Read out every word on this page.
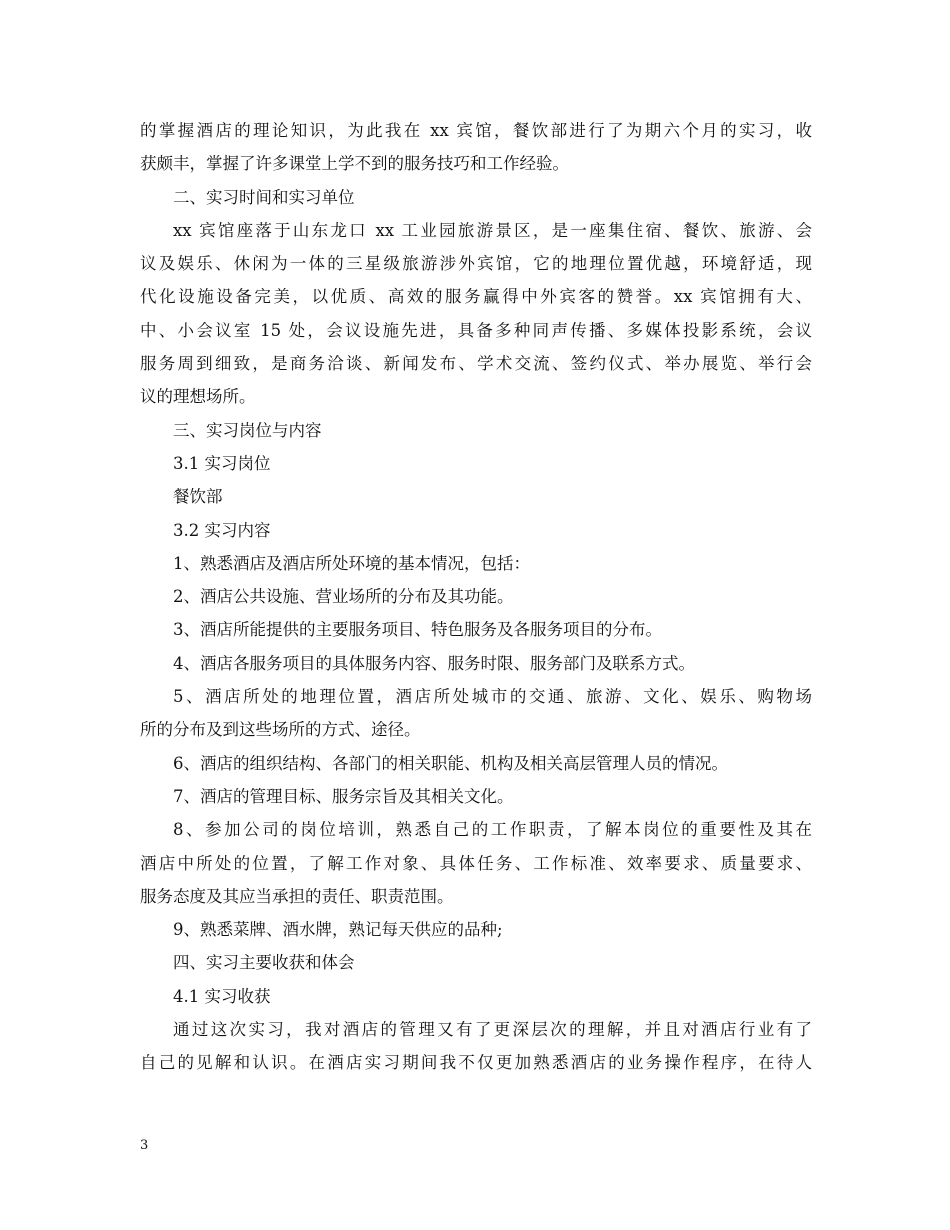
的掌握酒店的理论知识，为此我在 xx 宾馆，餐饮部进行了为期六个月的实习，收

获颇丰，掌握了许多课堂上学不到的服务技巧和工作经验。

二、实习时间和实习单位

xx 宾馆座落于山东龙口 xx 工业园旅游景区，是一座集住宿、餐饮、旅游、会

议及娱乐、休闲为一体的三星级旅游涉外宾馆，它的地理位置优越，环境舒适，现

代化设施设备完美，以优质、高效的服务赢得中外宾客的赞誉。xx 宾馆拥有大、

中、小会议室 15 处，会议设施先进，具备多种同声传播、多媒体投影系统，会议

服务周到细致，是商务洽谈、新闻发布、学术交流、签约仪式、举办展览、举行会

议的理想场所。

三、实习岗位与内容

3.1 实习岗位

餐饮部

3.2 实习内容

1、熟悉酒店及酒店所处环境的基本情况，包括：

2、酒店公共设施、营业场所的分布及其功能。

3、酒店所能提供的主要服务项目、特色服务及各服务项目的分布。

4、酒店各服务项目的具体服务内容、服务时限、服务部门及联系方式。

5、酒店所处的地理位置，酒店所处城市的交通、旅游、文化、娱乐、购物场

所的分布及到这些场所的方式、途径。

6、酒店的组织结构、各部门的相关职能、机构及相关高层管理人员的情况。

7、酒店的管理目标、服务宗旨及其相关文化。

8、参加公司的岗位培训，熟悉自己的工作职责，了解本岗位的重要性及其在

酒店中所处的位置，了解工作对象、具体任务、工作标准、效率要求、质量要求、

服务态度及其应当承担的责任、职责范围。

9、熟悉菜牌、酒水牌，熟记每天供应的品种;

四、实习主要收获和体会

4.1 实习收获

通过这次实习，我对酒店的管理又有了更深层次的理解，并且对酒店行业有了

自己的见解和认识。在酒店实习期间我不仅更加熟悉酒店的业务操作程序，在待人

3
